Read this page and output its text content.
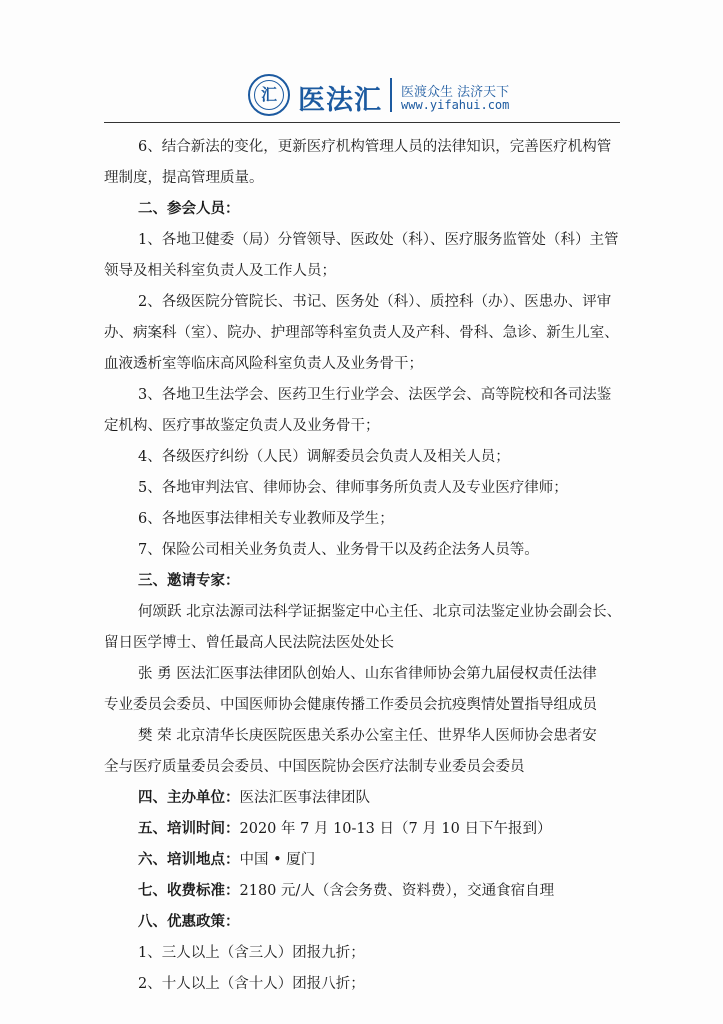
汇 医法汇 医渡众生 法济天下
www.yifahui.com
6、结合新法的变化，更新医疗机构管理人员的法律知识，完善医疗机构管
理制度，提高管理质量。
二、参会人员：
1、各地卫健委（局）分管领导、医政处（科）、医疗服务监管处（科）主管
领导及相关科室负责人及工作人员；
2、各级医院分管院长、书记、医务处（科）、质控科（办）、医患办、评审
办、病案科（室）、院办、护理部等科室负责人及产科、骨科、急诊、新生儿室、
血液透析室等临床高风险科室负责人及业务骨干；
3、各地卫生法学会、医药卫生行业学会、法医学会、高等院校和各司法鉴
定机构、医疗事故鉴定负责人及业务骨干；
4、各级医疗纠纷（人民）调解委员会负责人及相关人员；
5、各地审判法官、律师协会、律师事务所负责人及专业医疗律师；
6、各地医事法律相关专业教师及学生；
7、保险公司相关业务负责人、业务骨干以及药企法务人员等。
三、邀请专家：
何颂跃 北京法源司法科学证据鉴定中心主任、北京司法鉴定业协会副会长、
留日医学博士、曾任最高人民法院法医处处长
张 勇 医法汇医事法律团队创始人、山东省律师协会第九届侵权责任法律
专业委员会委员、中国医师协会健康传播工作委员会抗疫舆情处置指导组成员
樊 荣 北京清华长庚医院医患关系办公室主任、世界华人医师协会患者安
全与医疗质量委员会委员、中国医院协会医疗法制专业委员会委员
四、主办单位：医法汇医事法律团队
五、培训时间：2020 年 7 月 10-13 日（7 月 10 日下午报到）
六、培训地点：中国 • 厦门
七、收费标准：2180 元/人（含会务费、资料费），交通食宿自理
八、优惠政策：
1、三人以上（含三人）团报九折；
2、十人以上（含十人）团报八折；
